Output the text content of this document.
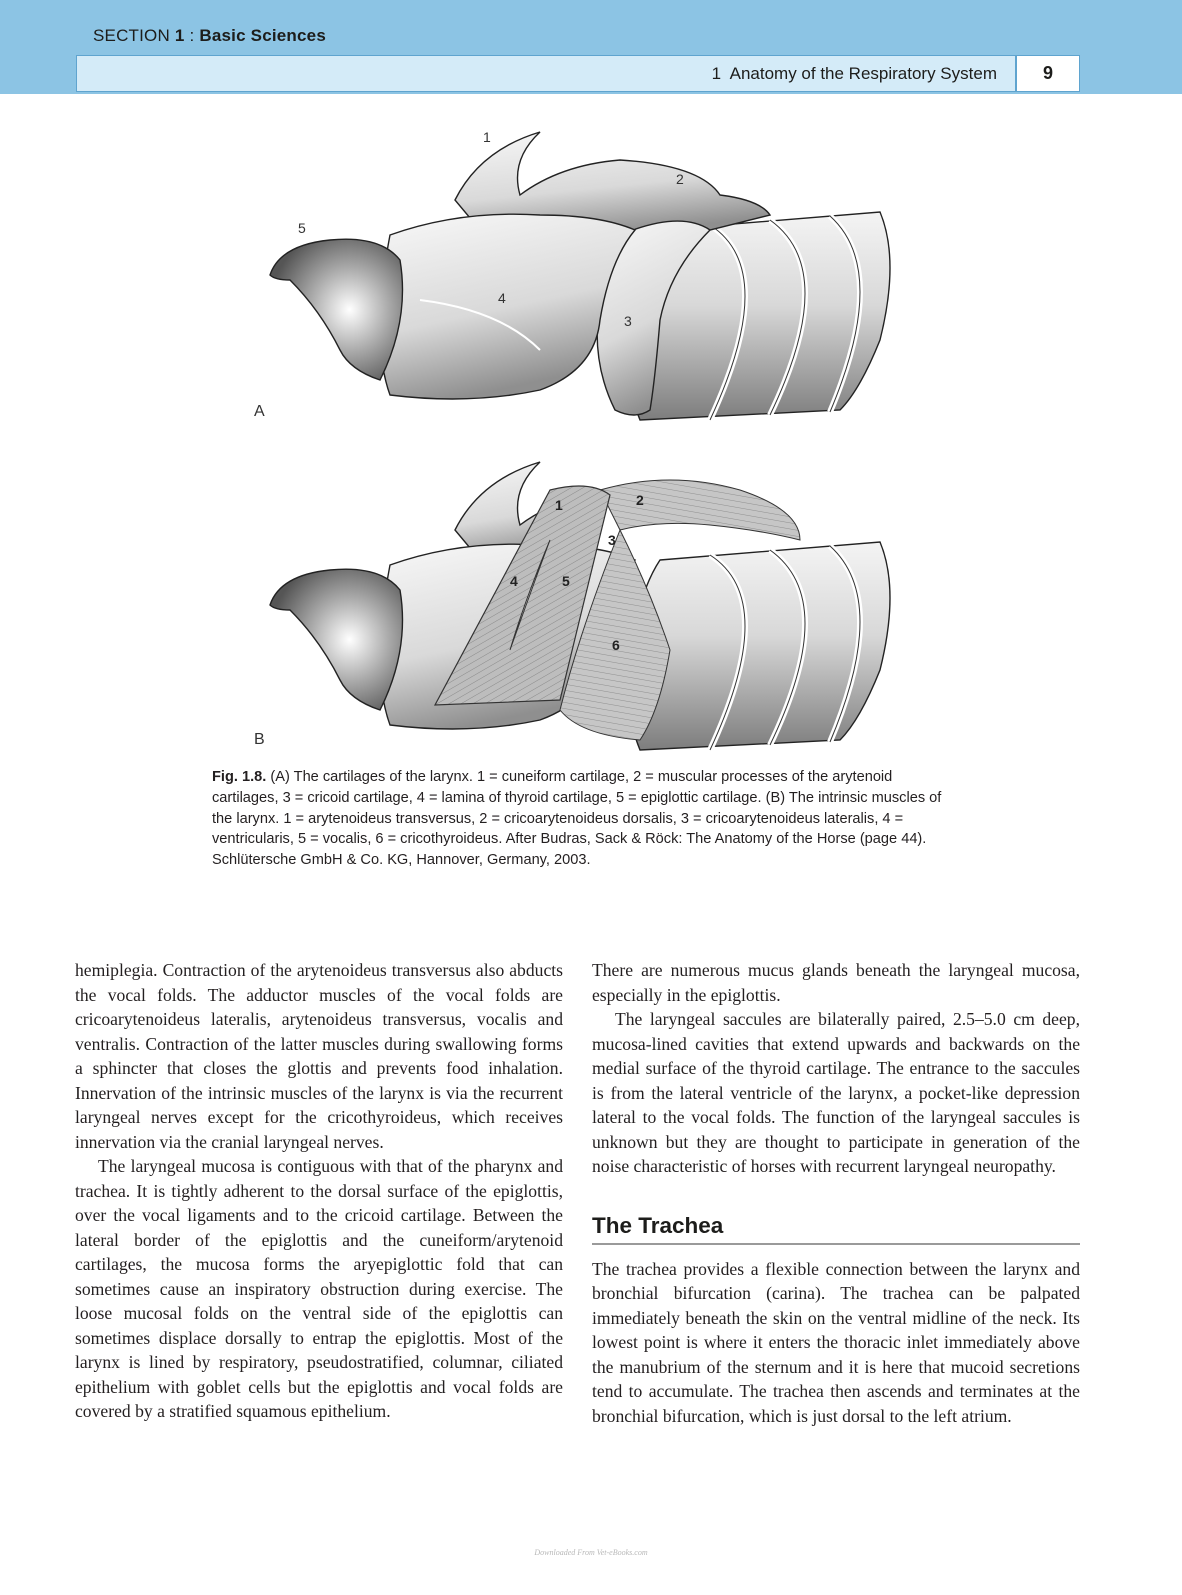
SECTION 1 : Basic Sciences
1  Anatomy of the Respiratory System	9
1
2
3
4
5
A
1	2
3
4	5
6
B
Fig. 1.8. (A) The cartilages of the larynx. 1 = cuneiform cartilage, 2 = muscular processes of the arytenoid cartilages, 3 = cricoid cartilage, 4 = lamina of thyroid cartilage, 5 = epiglottic cartilage. (B) The intrinsic muscles of the larynx. 1 = arytenoideus transversus, 2 = cricoarytenoideus dorsalis, 3 = cricoarytenoideus lateralis, 4 = ventricularis, 5 = vocalis, 6 = cricothyroideus. After Budras, Sack & Röck: The Anatomy of the Horse (page 44). Schlütersche GmbH & Co. KG, Hannover, Germany, 2003.

hemiplegia. Contraction of the arytenoideus transversus also abducts the vocal folds. The adductor muscles of the vocal folds are cricoarytenoideus lateralis, arytenoideus transversus, vocalis and ventralis. Contraction of the latter muscles during swallowing forms a sphincter that closes the glottis and prevents food inhalation. Innervation of the intrinsic muscles of the larynx is via the recurrent laryngeal nerves except for the cricothyroideus, which receives innervation via the cranial laryngeal nerves.

The laryngeal mucosa is contiguous with that of the pharynx and trachea. It is tightly adherent to the dorsal surface of the epiglottis, over the vocal ligaments and to the cricoid cartilage. Between the lateral border of the epiglottis and the cuneiform/arytenoid cartilages, the mucosa forms the aryepiglottic fold that can sometimes cause an inspiratory obstruction during exercise. The loose mucosal folds on the ventral side of the epiglottis can sometimes displace dorsally to entrap the epiglottis. Most of the larynx is lined by respiratory, pseudostratified, columnar, ciliated epithelium with goblet cells but the epiglottis and vocal folds are covered by a stratified squamous epithelium.

There are numerous mucus glands beneath the laryngeal mucosa, especially in the epiglottis.

The laryngeal saccules are bilaterally paired, 2.5–5.0 cm deep, mucosa-lined cavities that extend upwards and backwards on the medial surface of the thyroid cartilage. The entrance to the saccules is from the lateral ventricle of the larynx, a pocket-like depression lateral to the vocal folds. The function of the laryngeal saccules is unknown but they are thought to participate in generation of the noise characteristic of horses with recurrent laryngeal neuropathy.

The Trachea

The trachea provides a flexible connection between the larynx and bronchial bifurcation (carina). The trachea can be palpated immediately beneath the skin on the ventral midline of the neck. Its lowest point is where it enters the thoracic inlet immediately above the manubrium of the sternum and it is here that mucoid secretions tend to accumulate. The trachea then ascends and terminates at the bronchial bifurcation, which is just dorsal to the left atrium.

Downloaded From Vet-eBooks.com
